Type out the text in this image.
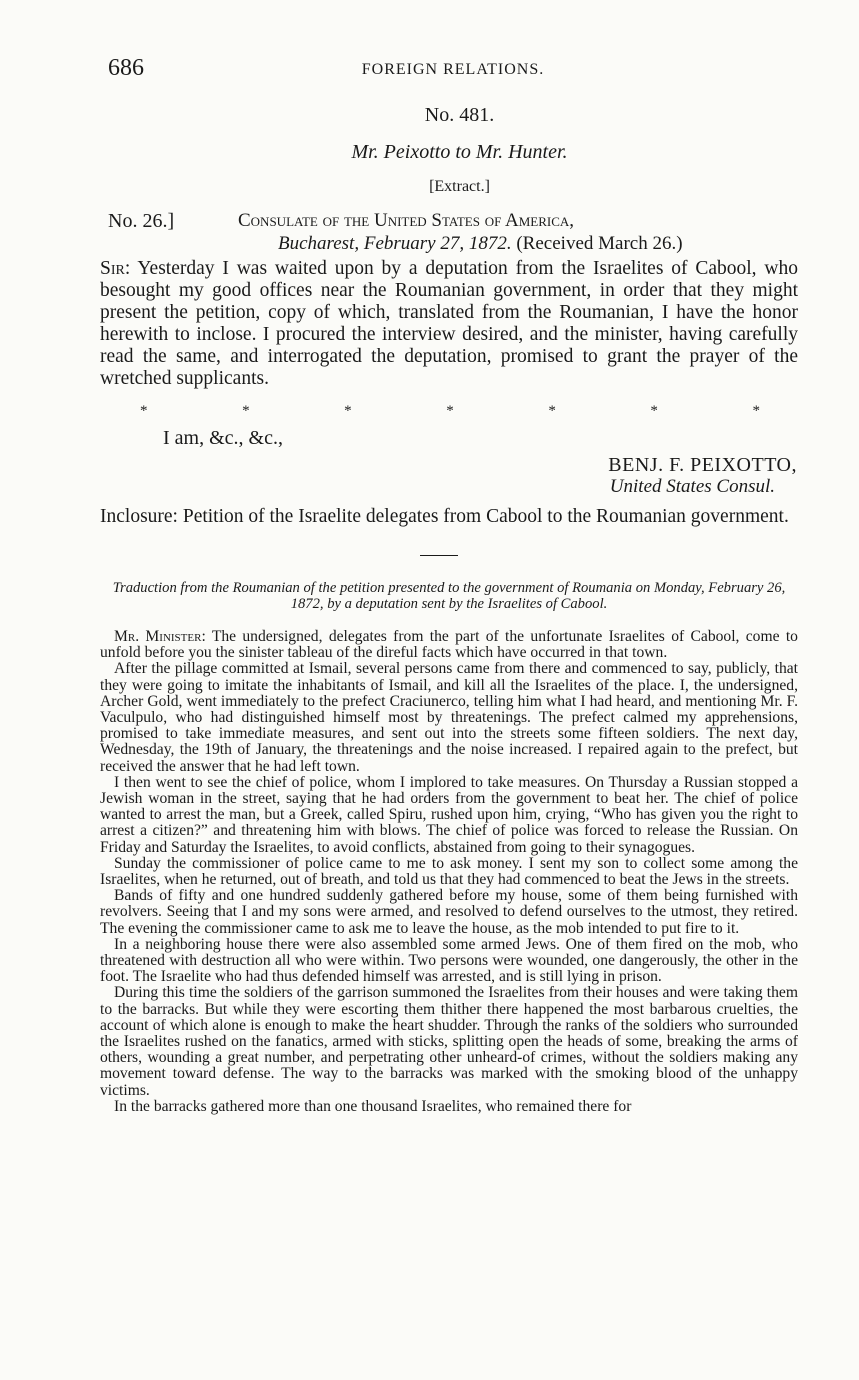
686	FOREIGN RELATIONS.
No. 481.
Mr. Peixotto to Mr. Hunter.
[Extract.]
No. 26.]	Consulate of the United States of America,
Bucharest, February 27, 1872. (Received March 26.)
Sir: Yesterday I was waited upon by a deputation from the Israelites of Cabool, who besought my good offices near the Roumanian government, in order that they might present the petition, copy of which, translated from the Roumanian, I have the honor herewith to inclose. I procured the interview desired, and the minister, having carefully read the same, and interrogated the deputation, promised to grant the prayer of the wretched supplicants.
*	*	*	*	*	*	*
I am, &c., &c.,
BENJ. F. PEIXOTTO,
United States Consul.
Inclosure: Petition of the Israelite delegates from Cabool to the Roumanian government.
Traduction from the Roumanian of the petition presented to the government of Roumania on Monday, February 26, 1872, by a deputation sent by the Israelites of Cabool.

Mr. Minister: The undersigned, delegates from the part of the unfortunate Israelites of Cabool, come to unfold before you the sinister tableau of the direful facts which have occurred in that town.

After the pillage committed at Ismail, several persons came from there and commenced to say, publicly, that they were going to imitate the inhabitants of Ismail, and kill all the Israelites of the place. I, the undersigned, Archer Gold, went immediately to the prefect Craciunerco, telling him what I had heard, and mentioning Mr. F. Vaculpulo, who had distinguished himself most by threatenings. The prefect calmed my apprehensions, promised to take immediate measures, and sent out into the streets some fifteen soldiers. The next day, Wednesday, the 19th of January, the threatenings and the noise increased. I repaired again to the prefect, but received the answer that he had left town.

I then went to see the chief of police, whom I implored to take measures. On Thursday a Russian stopped a Jewish woman in the street, saying that he had orders from the government to beat her. The chief of police wanted to arrest the man, but a Greek, called Spiru, rushed upon him, crying, “Who has given you the right to arrest a citizen?” and threatening him with blows. The chief of police was forced to release the Russian. On Friday and Saturday the Israelites, to avoid conflicts, abstained from going to their synagogues.

Sunday the commissioner of police came to me to ask money. I sent my son to collect some among the Israelites, when he returned, out of breath, and told us that they had commenced to beat the Jews in the streets.

Bands of fifty and one hundred suddenly gathered before my house, some of them being furnished with revolvers. Seeing that I and my sons were armed, and resolved to defend ourselves to the utmost, they retired. The evening the commissioner came to ask me to leave the house, as the mob intended to put fire to it.

In a neighboring house there were also assembled some armed Jews. One of them fired on the mob, who threatened with destruction all who were within. Two persons were wounded, one dangerously, the other in the foot. The Israelite who had thus defended himself was arrested, and is still lying in prison.

During this time the soldiers of the garrison summoned the Israelites from their houses and were taking them to the barracks. But while they were escorting them thither there happened the most barbarous cruelties, the account of which alone is enough to make the heart shudder. Through the ranks of the soldiers who surrounded the Israelites rushed on the fanatics, armed with sticks, splitting open the heads of some, breaking the arms of others, wounding a great number, and perpetrating other unheard-of crimes, without the soldiers making any movement toward defense. The way to the barracks was marked with the smoking blood of the unhappy victims.

In the barracks gathered more than one thousand Israelites, who remained there for
